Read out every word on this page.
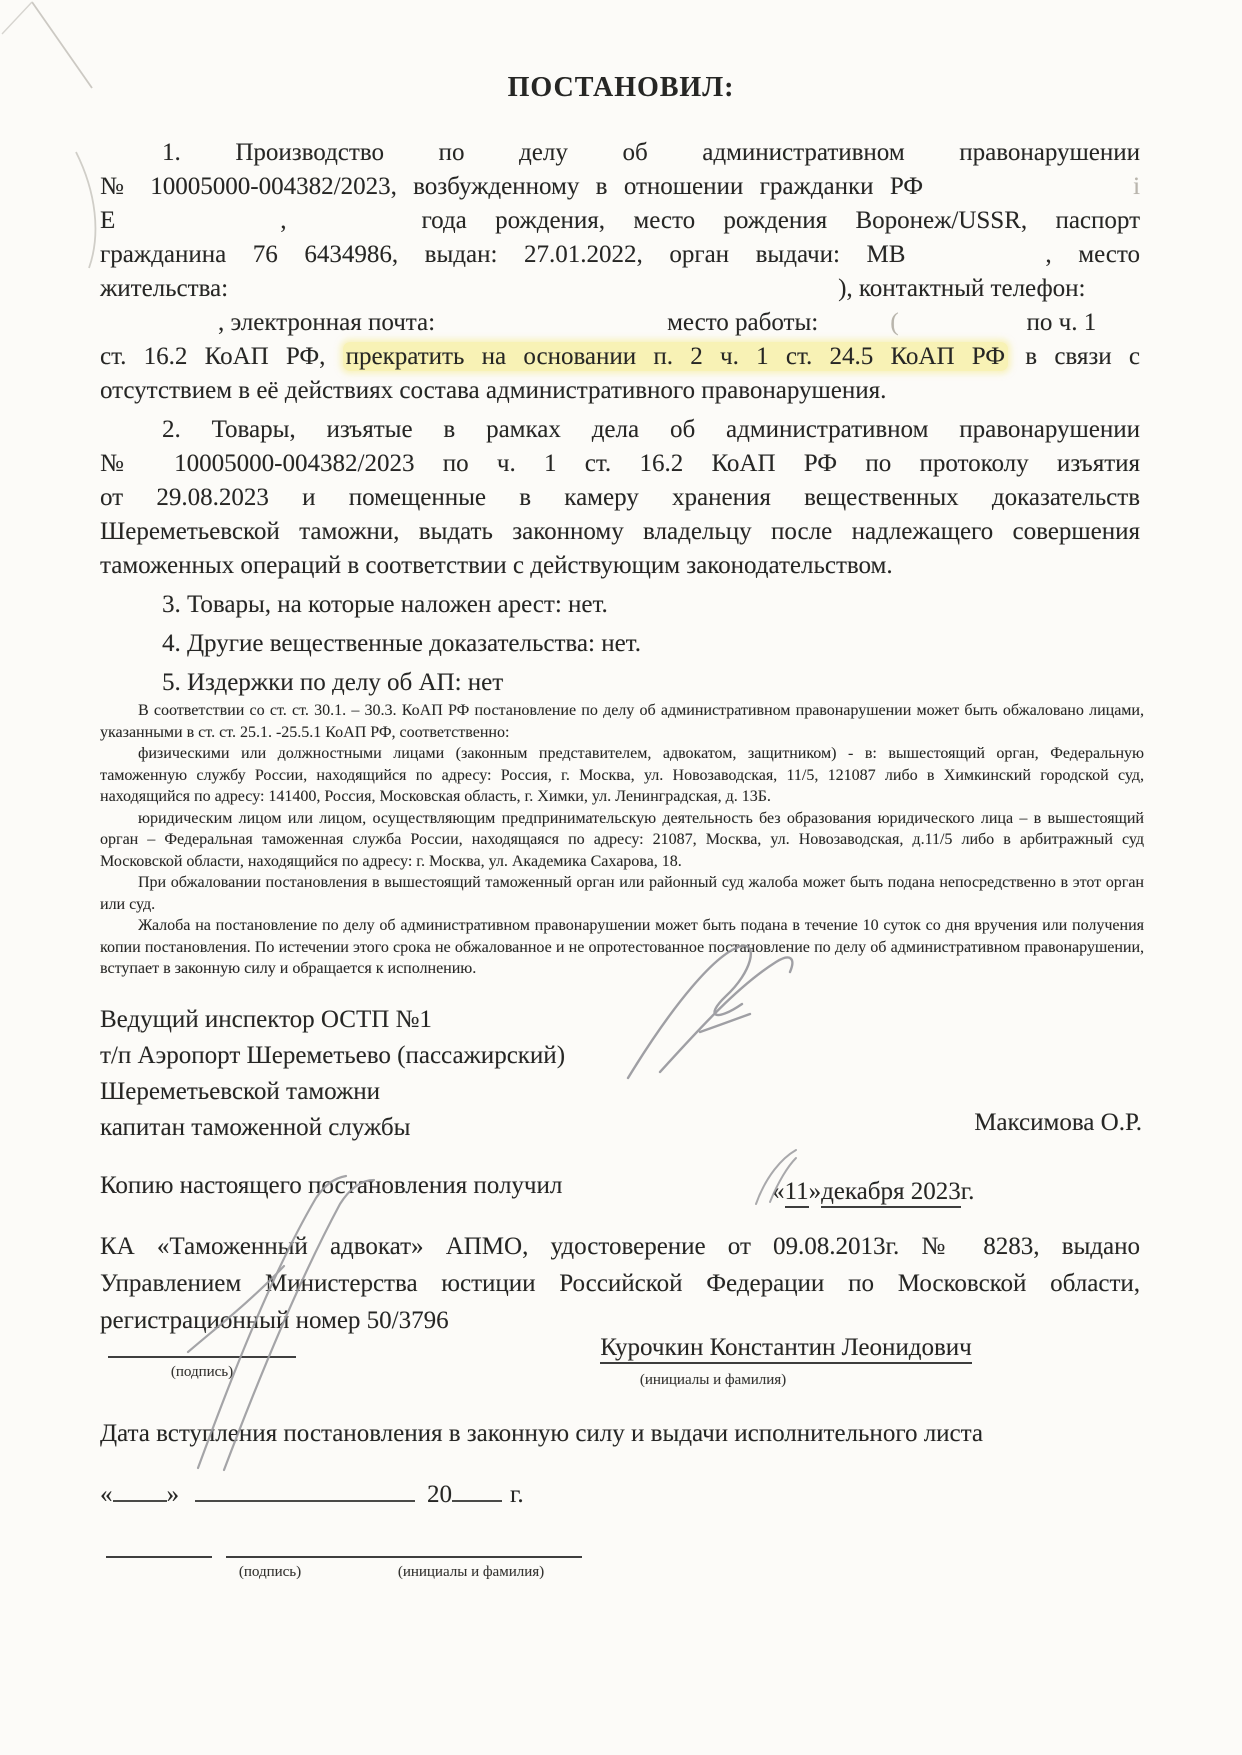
ПОСТАНОВИЛ:
1. Производство по делу об административном правонарушении
№ 10005000-004382/2023, возбужденному в отношении гражданки РФ	і
Е	,	года рождения, место рождения Воронеж/USSR, паспорт
гражданина 76 6434986, выдан: 27.01.2022, орган выдачи: МВ	, место
жительства:	), контактный телефон:
, электронная почта:	место работы:	(	по ч. 1
ст. 16.2 КоАП РФ, прекратить на основании п. 2 ч. 1 ст. 24.5 КоАП РФ в связи с
отсутствием в её действиях состава административного правонарушения.
2. Товары, изъятые в рамках дела об административном правонарушении
№ 10005000-004382/2023 по ч. 1 ст. 16.2 КоАП РФ по протоколу изъятия
от 29.08.2023 и помещенные в камеру хранения вещественных доказательств
Шереметьевской таможни, выдать законному владельцу после надлежащего совершения
таможенных операций в соответствии с действующим законодательством.
3. Товары, на которые наложен арест: нет.
4. Другие вещественные доказательства: нет.
5. Издержки по делу об АП: нет

В соответствии со ст. ст. 30.1. – 30.3. КоАП РФ постановление по делу об административном правонарушении может быть обжаловано лицами, указанными в ст. ст. 25.1. -25.5.1 КоАП РФ, соответственно:

физическими или должностными лицами (законным представителем, адвокатом, защитником) - в: вышестоящий орган, Федеральную таможенную службу России, находящийся по адресу: Россия, г. Москва, ул. Новозаводская, 11/5, 121087 либо в Химкинский городской суд, находящийся по адресу: 141400, Россия, Московская область, г. Химки, ул. Ленинградская, д. 13Б.

юридическим лицом или лицом, осуществляющим предпринимательскую деятельность без образования юридического лица – в вышестоящий орган – Федеральная таможенная служба России, находящаяся по адресу: 21087, Москва, ул. Новозаводская, д.11/5 либо в арбитражный суд Московской области, находящийся по адресу: г. Москва, ул. Академика Сахарова, 18.

При обжаловании постановления в вышестоящий таможенный орган или районный суд жалоба может быть подана непосредственно в этот орган или суд.

Жалоба на постановление по делу об административном правонарушении может быть подана в течение 10 суток со дня вручения или получения копии постановления. По истечении этого срока не обжалованное и не опротестованное постановление по делу об административном правонарушении, вступает в законную силу и обращается к исполнению.

Ведущий инспектор ОСТП №1
т/п Аэропорт Шереметьево (пассажирский)
Шереметьевской таможни
капитан таможенной службы	Максимова О.Р.
Копию настоящего постановления получил	«11»декабря 2023г.
КА «Таможенный адвокат» АПМО, удостоверение от 09.08.2013г. № 8283, выдано
Управлением Министерства юстиции Российской Федерации по Московской области,
регистрационный номер 50/3796
(подпись)
Курочкин Константин Леонидович
(инициалы и фамилия)
Дата вступления постановления в законную силу и выдачи исполнительного листа
« »	20 г.
(подпись)	(инициалы и фамилия)
